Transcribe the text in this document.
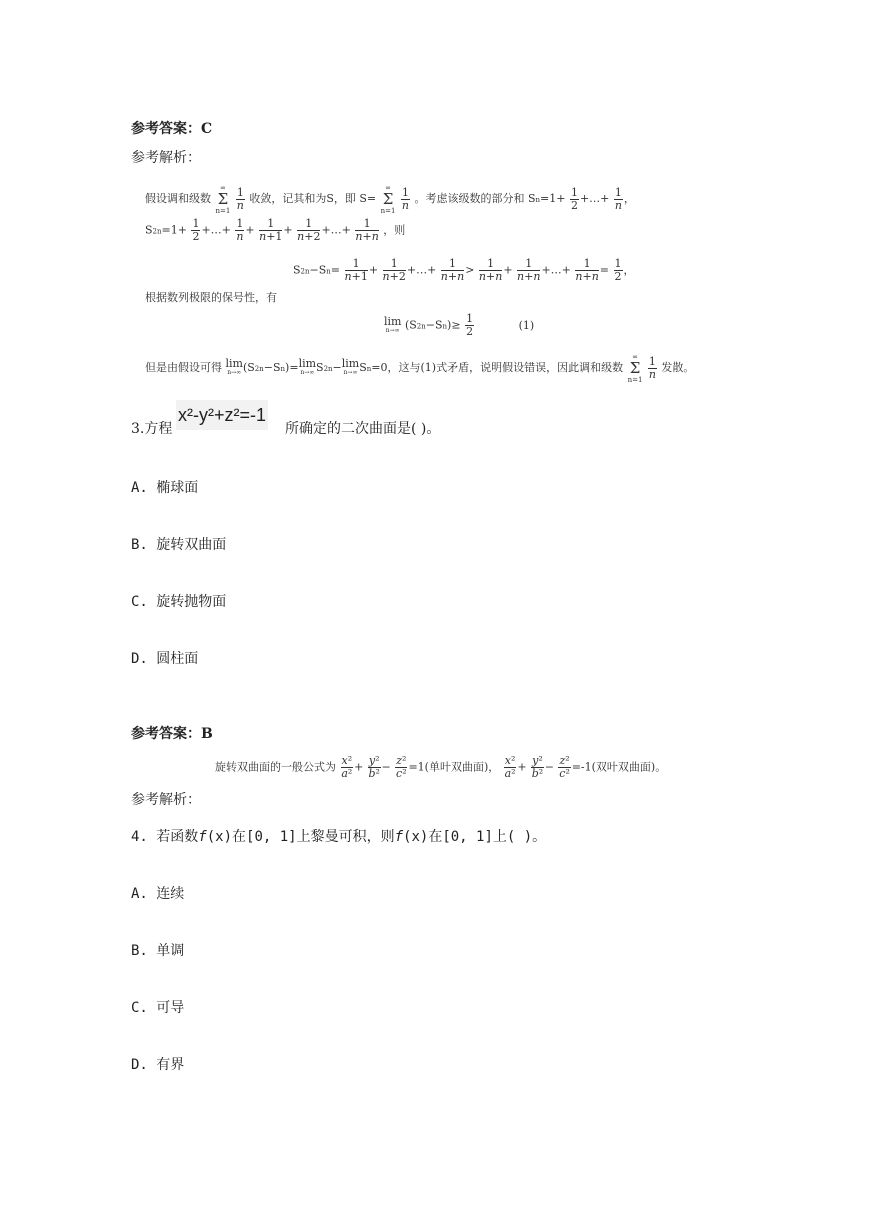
参考答案：C
参考解析：
假设调和级数 ∞
Σ
$n=1 \frac{1}{n}$ 收敛，记其和为S，即 S= ∞
Σ
$n=1 \frac{1}{n}$ 。考虑该级数的部分和 $Sn=1+ \frac{1}{2}$ +…+ $\frac{1}{n}$ ，
$S2n=1+ \frac{1}{2}$ +…+ $\frac{1}{n} + \frac{1}{n+1} + \frac{1}{n+2}$ +…+ $\frac{1}{n+n}$ ，则
$S2n-Sn= \frac{1}{n+1} + \frac{1}{n+2}$ +…+ $\frac{1}{n+n} > \frac{1}{n+n} + \frac{1}{n+n}$ +…+ $\frac{1}{n+n} = \frac{1}{2}$ ，
根据数列极限的保号性，有
lim
n→∞ $(S2n-Sn)\ge \frac{1}{2}$	(1)
但是由假设可得 lim
n→∞ (S2n−Sn)=lim
n→∞ S2n−lim
n→∞ Sn=0，这与(1)式矛盾，说明假设错误，因此调和级数 ∞
Σ
$n=1 \frac{1}{n}$ 发散。
3.方程
x²-y²+z²=-1
所确定的二次曲面是( )。
A. 椭球面
B. 旋转双曲面
C. 旋转抛物面
D. 圆柱面
参考答案：B
旋转双曲面的一般公式为 $\frac{\text{x²}}{\text{a²}} + \frac{\text{y²}}{\text{b²}} - \frac{\text{z²}}{\text{c²}} =1$(单叶双曲面)， $\frac{\text{x²}}{\text{a²}} + \frac{\text{y²}}{\text{b²}} - \frac{\text{z²}}{\text{c²}} =-1$(双叶双曲面)。
参考解析：
4. 若函数f(x)在[0, 1]上黎曼可积，则f(x)在[0, 1]上( )。
A. 连续
B. 单调
C. 可导
D. 有界
